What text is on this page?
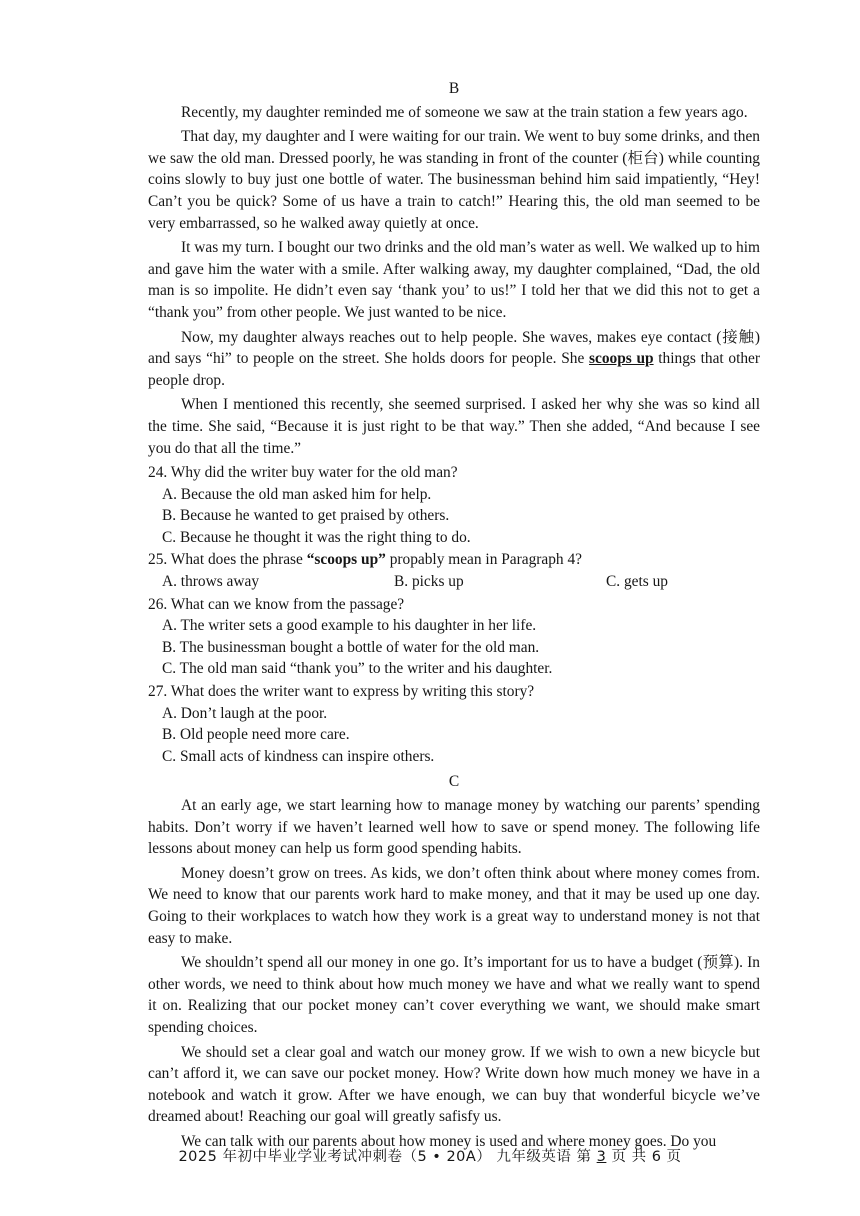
B

Recently, my daughter reminded me of someone we saw at the train station a few years ago.

That day, my daughter and I were waiting for our train. We went to buy some drinks, and then we saw the old man. Dressed poorly, he was standing in front of the counter (柜台) while counting coins slowly to buy just one bottle of water. The businessman behind him said impatiently, “Hey! Can’t you be quick? Some of us have a train to catch!” Hearing this, the old man seemed to be very embarrassed, so he walked away quietly at once.

It was my turn. I bought our two drinks and the old man’s water as well. We walked up to him and gave him the water with a smile. After walking away, my daughter complained, “Dad, the old man is so impolite. He didn’t even say ‘thank you’ to us!” I told her that we did this not to get a “thank you” from other people. We just wanted to be nice.

Now, my daughter always reaches out to help people. She waves, makes eye contact (接触) and says “hi” to people on the street. She holds doors for people. She scoops up things that other people drop.

When I mentioned this recently, she seemed surprised. I asked her why she was so kind all the time. She said, “Because it is just right to be that way.” Then she added, “And because I see you do that all the time.”

24. Why did the writer buy water for the old man?
A. Because the old man asked him for help.
B. Because he wanted to get praised by others.
C. Because he thought it was the right thing to do.
25. What does the phrase “scoops up” propably mean in Paragraph 4?
A. throws away	B. picks up	C. gets up
26. What can we know from the passage?
A. The writer sets a good example to his daughter in her life.
B. The businessman bought a bottle of water for the old man.
C. The old man said “thank you” to the writer and his daughter.
27. What does the writer want to express by writing this story?
A. Don’t laugh at the poor.
B. Old people need more care.
C. Small acts of kindness can inspire others.
C

At an early age, we start learning how to manage money by watching our parents’ spending habits. Don’t worry if we haven’t learned well how to save or spend money. The following life lessons about money can help us form good spending habits.

Money doesn’t grow on trees. As kids, we don’t often think about where money comes from. We need to know that our parents work hard to make money, and that it may be used up one day. Going to their workplaces to watch how they work is a great way to understand money is not that easy to make.

We shouldn’t spend all our money in one go. It’s important for us to have a budget (预算). In other words, we need to think about how much money we have and what we really want to spend it on. Realizing that our pocket money can’t cover everything we want, we should make smart spending choices.

We should set a clear goal and watch our money grow. If we wish to own a new bicycle but can’t afford it, we can save our pocket money. How? Write down how much money we have in a notebook and watch it grow. After we have enough, we can buy that wonderful bicycle we’ve dreamed about! Reaching our goal will greatly safisfy us.

We can talk with our parents about how money is used and where money goes. Do you

2025 年初中毕业学业考试冲刺卷（5 • 20A） 九年级英语 第 3 页 共 6 页
